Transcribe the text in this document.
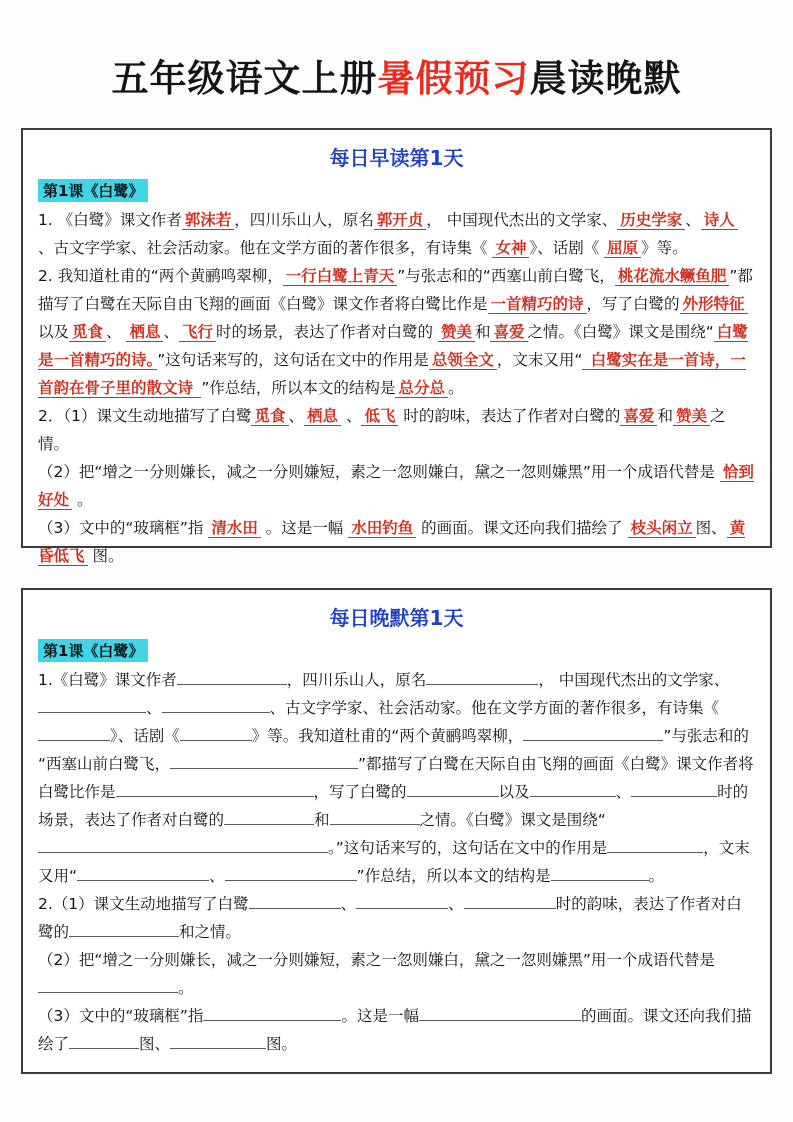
五年级语文上册暑假预习晨读晚默
每日早读第1天
第1课《白鹭》
1. 《白鹭》课文作者 郭沫若 ，四川乐山人，原名 郭开贞 ， 中国现代杰出的文学家、 历史学家 、 诗人 、古文字学家、社会活动家。他在文学方面的著作很多，有诗集《 女神 》、话剧《 屈原 》等。
2. 我知道杜甫的“两个黄鹂鸣翠柳， 一行白鹭上青天 ”与张志和的“西塞山前白鹭飞， 桃花流水鳜鱼肥 ”都描写了白鹭在天际自由飞翔的画面《白鹭》课文作者将白鹭比作是 一首精巧的诗 ，写了白鹭的 外形特征以及 觅食 、 栖息 、 飞行 时的场景，表达了作者对白鹭的 赞美 和 喜爱 之情。《白鹭》课文是围绕“ 白鹭是一首精巧的诗。 ”这句话来写的，这句话在文中的作用是 总领全文 ，文末又用“ 白鹭实在是一首诗，一首韵在骨子里的散文诗 ”作总结，所以本文的结构是 总分总 。
2．（1）课文生动地描写了白鹭 觅食 、 栖息 、 低飞 时的韵味，表达了作者对白鹭的 喜爱 和 赞美 之情。
（2）把“增之一分则嫌长，减之一分则嫌短，素之一忽则嫌白，黛之一忽则嫌黑”用一个成语代替是 恰到好处 。
（3）文中的“玻璃框”指 清水田 。这是一幅 水田钓鱼 的画面。课文还向我们描绘了 枝头闲立 图、 黄昏低飞 图。
每日晚默第1天
第1课《白鹭》
1.《白鹭》课文作者	，四川乐山人，原名	， 中国现代杰出的文学家、、	、古文字学家、社会活动家。他在文学方面的著作很多，有诗集《》、话剧《	》等。我知道杜甫的“两个黄鹂鸣翠柳，	”与张志和的“西塞山前白鹭飞，	”都描写了白鹭在天际自由飞翔的画面《白鹭》课文作者将白鹭比作是	，写了白鹭的	以及	、	时的场景，表达了作者对白鹭的	和	之情。《白鹭》课文是围绕“。”这句话来写的，这句话在文中的作用是	，文末又用“	、	”作总结，所以本文的结构是	。
2.（1）课文生动地描写了白鹭	、	、	时的韵味，表达了作者对白鹭的	和之情。
（2）把“增之一分则嫌长，减之一分则嫌短，素之一忽则嫌白，黛之一忽则嫌黑”用一个成语代替是。
（3）文中的“玻璃框”指	。这是一幅	的画面。课文还向我们描绘了	图、	图。
